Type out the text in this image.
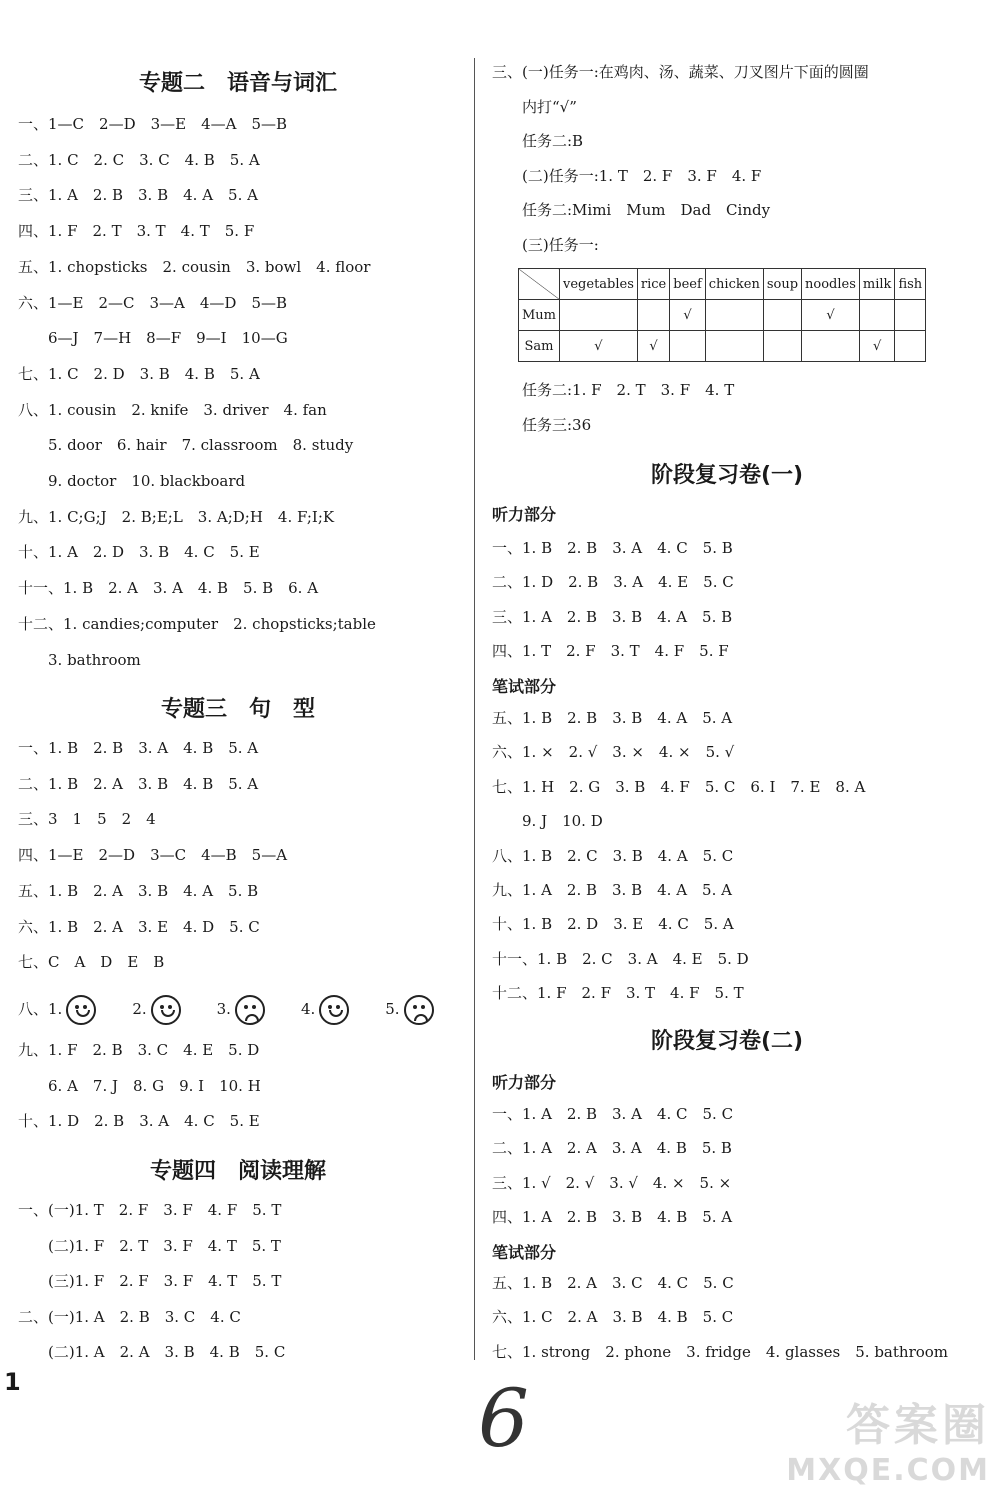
专题二　语音与词汇
一、1—C　2—D　3—E　4—A　5—B
二、1. C　2. C　3. C　4. B　5. A
三、1. A　2. B　3. B　4. A　5. A
四、1. F　2. T　3. T　4. T　5. F
五、1. chopsticks　2. cousin　3. bowl　4. floor
六、1—E　2—C　3—A　4—D　5—B
　　6—J　7—H　8—F　9—I　10—G
七、1. C　2. D　3. B　4. B　5. A
八、1. cousin　2. knife　3. driver　4. fan
　　5. door　6. hair　7. classroom　8. study
　　9. doctor　10. blackboard
九、1. C;G;J　2. B;E;L　3. A;D;H　4. F;I;K
十、1. A　2. D　3. B　4. C　5. E
十一、1. B　2. A　3. A　4. B　5. B　6. A
十二、1. candies;computer　2. chopsticks;table
　　3. bathroom
专题三　句　型
一、1. B　2. B　3. A　4. B　5. A
二、1. B　2. A　3. B　4. B　5. A
三、3　1　5　2　4
四、1—E　2—D　3—C　4—B　5—A
五、1. B　2. A　3. B　4. A　5. B
六、1. B　2. A　3. E　4. D　5. C
七、C　A　D　E　B
八、1.	2.	3.	4.	5.
九、1. F　2. B　3. C　4. E　5. D
　　6. A　7. J　8. G　9. I　10. H
十、1. D　2. B　3. A　4. C　5. E
专题四　阅读理解
一、(一)1. T　2. F　3. F　4. F　5. T
　　(二)1. F　2. T　3. F　4. T　5. T
　　(三)1. F　2. F　3. F　4. T　5. T
二、(一)1. A　2. B　3. C　4. C
　　(二)1. A　2. A　3. B　4. B　5. C
三、(一)任务一:在鸡肉、汤、蔬菜、刀叉图片下面的圆圈
　　内打“√”
　　任务二:B
　　(二)任务一:1. T　2. F　3. F　4. F
　　任务二:Mimi　Mum　Dad　Cindy
　　(三)任务一:
	vegetables	rice	beef	chicken	soup	noodles	milk	fish
Mum			√			√		
Sam	√	√					√	
　　任务二:1. F　2. T　3. F　4. T
　　任务三:36
阶段复习卷(一)
听力部分
一、1. B　2. B　3. A　4. C　5. B
二、1. D　2. B　3. A　4. E　5. C
三、1. A　2. B　3. B　4. A　5. B
四、1. T　2. F　3. T　4. F　5. F
笔试部分
五、1. B　2. B　3. B　4. A　5. A
六、1. ×　2. √　3. ×　4. ×　5. √
七、1. H　2. G　3. B　4. F　5. C　6. I　7. E　8. A
　　9. J　10. D
八、1. B　2. C　3. B　4. A　5. C
九、1. A　2. B　3. B　4. A　5. A
十、1. B　2. D　3. E　4. C　5. A
十一、1. B　2. C　3. A　4. E　5. D
十二、1. F　2. F　3. T　4. F　5. T
阶段复习卷(二)
听力部分
一、1. A　2. B　3. A　4. C　5. C
二、1. A　2. A　3. A　4. B　5. B
三、1. √　2. √　3. √　4. ×　5. ×
四、1. A　2. B　3. B　4. B　5. A
笔试部分
五、1. B　2. A　3. C　4. C　5. C
六、1. C　2. A　3. B　4. B　5. C
七、1. strong　2. phone　3. fridge　4. glasses　5. bathroom
1	6	答案圈
MXQE.COM
